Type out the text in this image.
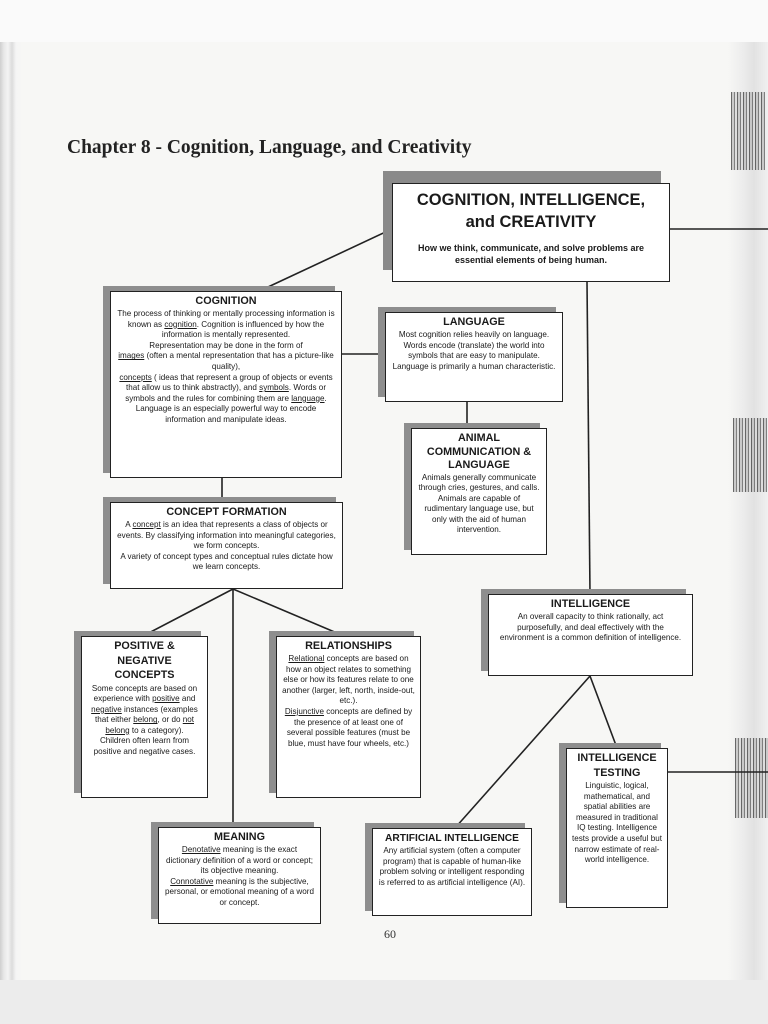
Chapter 8 - Cognition, Language, and Creativity
COGNITION, INTELLIGENCE,
and CREATIVITY

How we think, communicate, and solve problems are essential elements of being human.

COGNITION

The process of thinking or mentally processing information is known as cognition. Cognition is influenced by how the information is mentally represented.

Representation may be done in the form of

images (often a mental representation that has a picture-like quality),

concepts ( ideas that represent a group of objects or events that allow us to think abstractly), and symbols. Words or symbols and the rules for combining them are language.

Language is an especially powerful way to encode information and manipulate ideas.

LANGUAGE

Most cognition relies heavily on language. Words encode (translate) the world into symbols that are easy to manipulate. Language is primarily a human characteristic.

ANIMAL
COMMUNICATION &
LANGUAGE

Animals generally communicate through cries, gestures, and calls. Animals are capable of rudimentary language use, but only with the aid of human intervention.

CONCEPT FORMATION

A concept is an idea that represents a class of objects or events. By classifying information into meaningful categories, we form concepts.

A variety of concept types and conceptual rules dictate how we learn concepts.

INTELLIGENCE

An overall capacity to think rationally, act purposefully, and deal effectively with the environment is a common definition of intelligence.

POSITIVE &
NEGATIVE
CONCEPTS

Some concepts are based on experience with positive and negative instances (examples that either belong, or do not belong to a category).

Children often learn from positive and negative cases.

RELATIONSHIPS

Relational concepts are based on how an object relates to something else or how its features relate to one another (larger, left, north, inside-out, etc.).

Disjunctive concepts are defined by the presence of at least one of several possible features (must be blue, must have four wheels, etc.)

INTELLIGENCE
TESTING

Linguistic, logical, mathematical, and spatial abilities are measured in traditional IQ testing. Intelligence tests provide a useful but narrow estimate of real-world intelligence.

MEANING

Denotative meaning is the exact dictionary definition of a word or concept; its objective meaning.

Connotative meaning is the subjective, personal, or emotional meaning of a word or concept.

ARTIFICIAL INTELLIGENCE

Any artificial system (often a computer program) that is capable of human-like problem solving or intelligent responding is referred to as artificial intelligence (AI).

60
